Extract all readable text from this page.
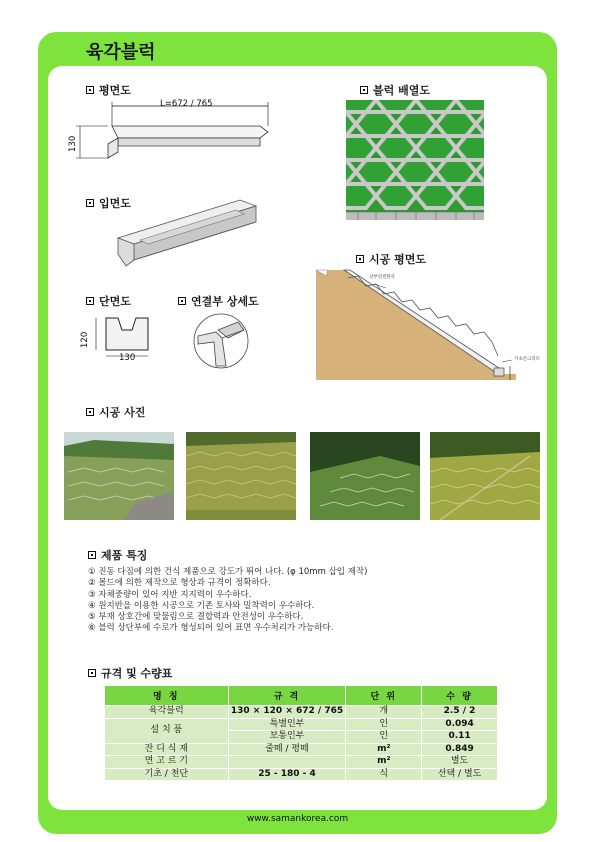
육각블럭
평면도
입면도
단면도	연결부 상세도
블럭 배열도
시공 평면도
시공 사진
제품 특징
규격 및 수량표
L=672 / 765
130
120
130
상부연결블록
기초콘크리트
① 진동 다짐에 의한 건식 제품으로 강도가 뛰어 나다. (φ 10mm 삽입 제작)
② 몰드에 의한 제작으로 형상과 규격이 정확하다.
③ 자체중량이 있어 지반 지지력이 우수하다.
④ 원지반을 이용한 시공으로 기존 토사와 밀착력이 우수하다.
⑤ 부재 상호간에 맞물림으로 결합력과 안전성이 우수하다.
⑥ 블럭 상단부에 수로가 형성되어 있어 표면 우수처리가 가능하다.
명 칭	규 격	단 위	수 량
육각블럭	130 × 120 × 672 / 765	개	2.5 / 2
설 치 품	특별인부	인	0.094
	보통인부	인	0.11
잔 디 식 재	줄떼 / 평떼	m²	0.849
면 고 르 기		m²	별도
기초 / 천단	25 - 180 - 4	식	선택 / 별도
www.samankorea.com
